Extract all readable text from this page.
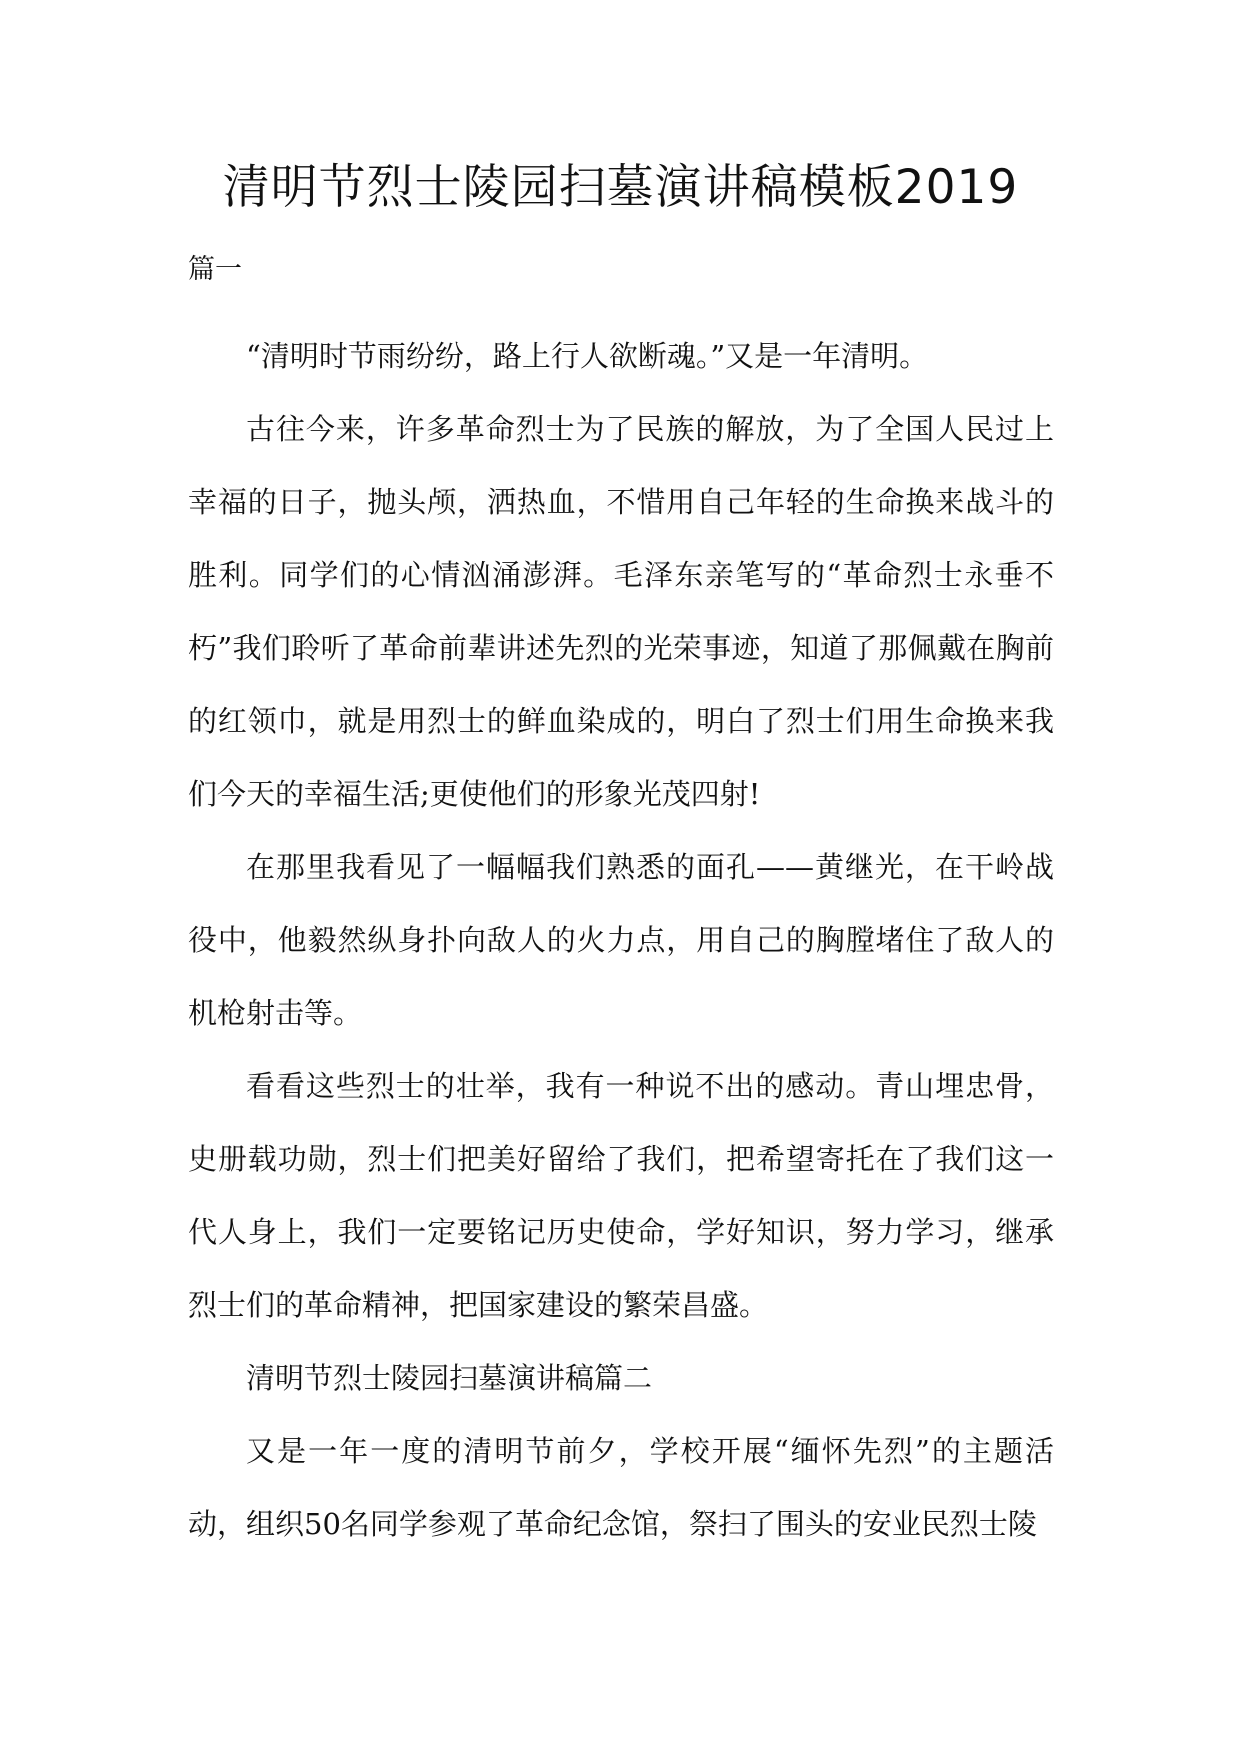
清明节烈士陵园扫墓演讲稿模板2019
篇一

“清明时节雨纷纷，路上行人欲断魂。”又是一年清明。

古往今来，许多革命烈士为了民族的解放，为了全国人民过上幸福的日子，抛头颅，洒热血，不惜用自己年轻的生命换来战斗的胜利。同学们的心情汹涌澎湃。毛泽东亲笔写的“革命烈士永垂不朽”我们聆听了革命前辈讲述先烈的光荣事迹，知道了那佩戴在胸前的红领巾，就是用烈士的鲜血染成的，明白了烈士们用生命换来我们今天的幸福生活;更使他们的形象光茂四射!

在那里我看见了一幅幅我们熟悉的面孔——黄继光，在干岭战役中，他毅然纵身扑向敌人的火力点，用自己的胸膛堵住了敌人的机枪射击等。

看看这些烈士的壮举，我有一种说不出的感动。青山埋忠骨，史册载功勋，烈士们把美好留给了我们，把希望寄托在了我们这一代人身上，我们一定要铭记历史使命，学好知识，努力学习，继承烈士们的革命精神，把国家建设的繁荣昌盛。

清明节烈士陵园扫墓演讲稿篇二

又是一年一度的清明节前夕，学校开展“缅怀先烈”的主题活动，组织50名同学参观了革命纪念馆，祭扫了围头的安业民烈士陵
